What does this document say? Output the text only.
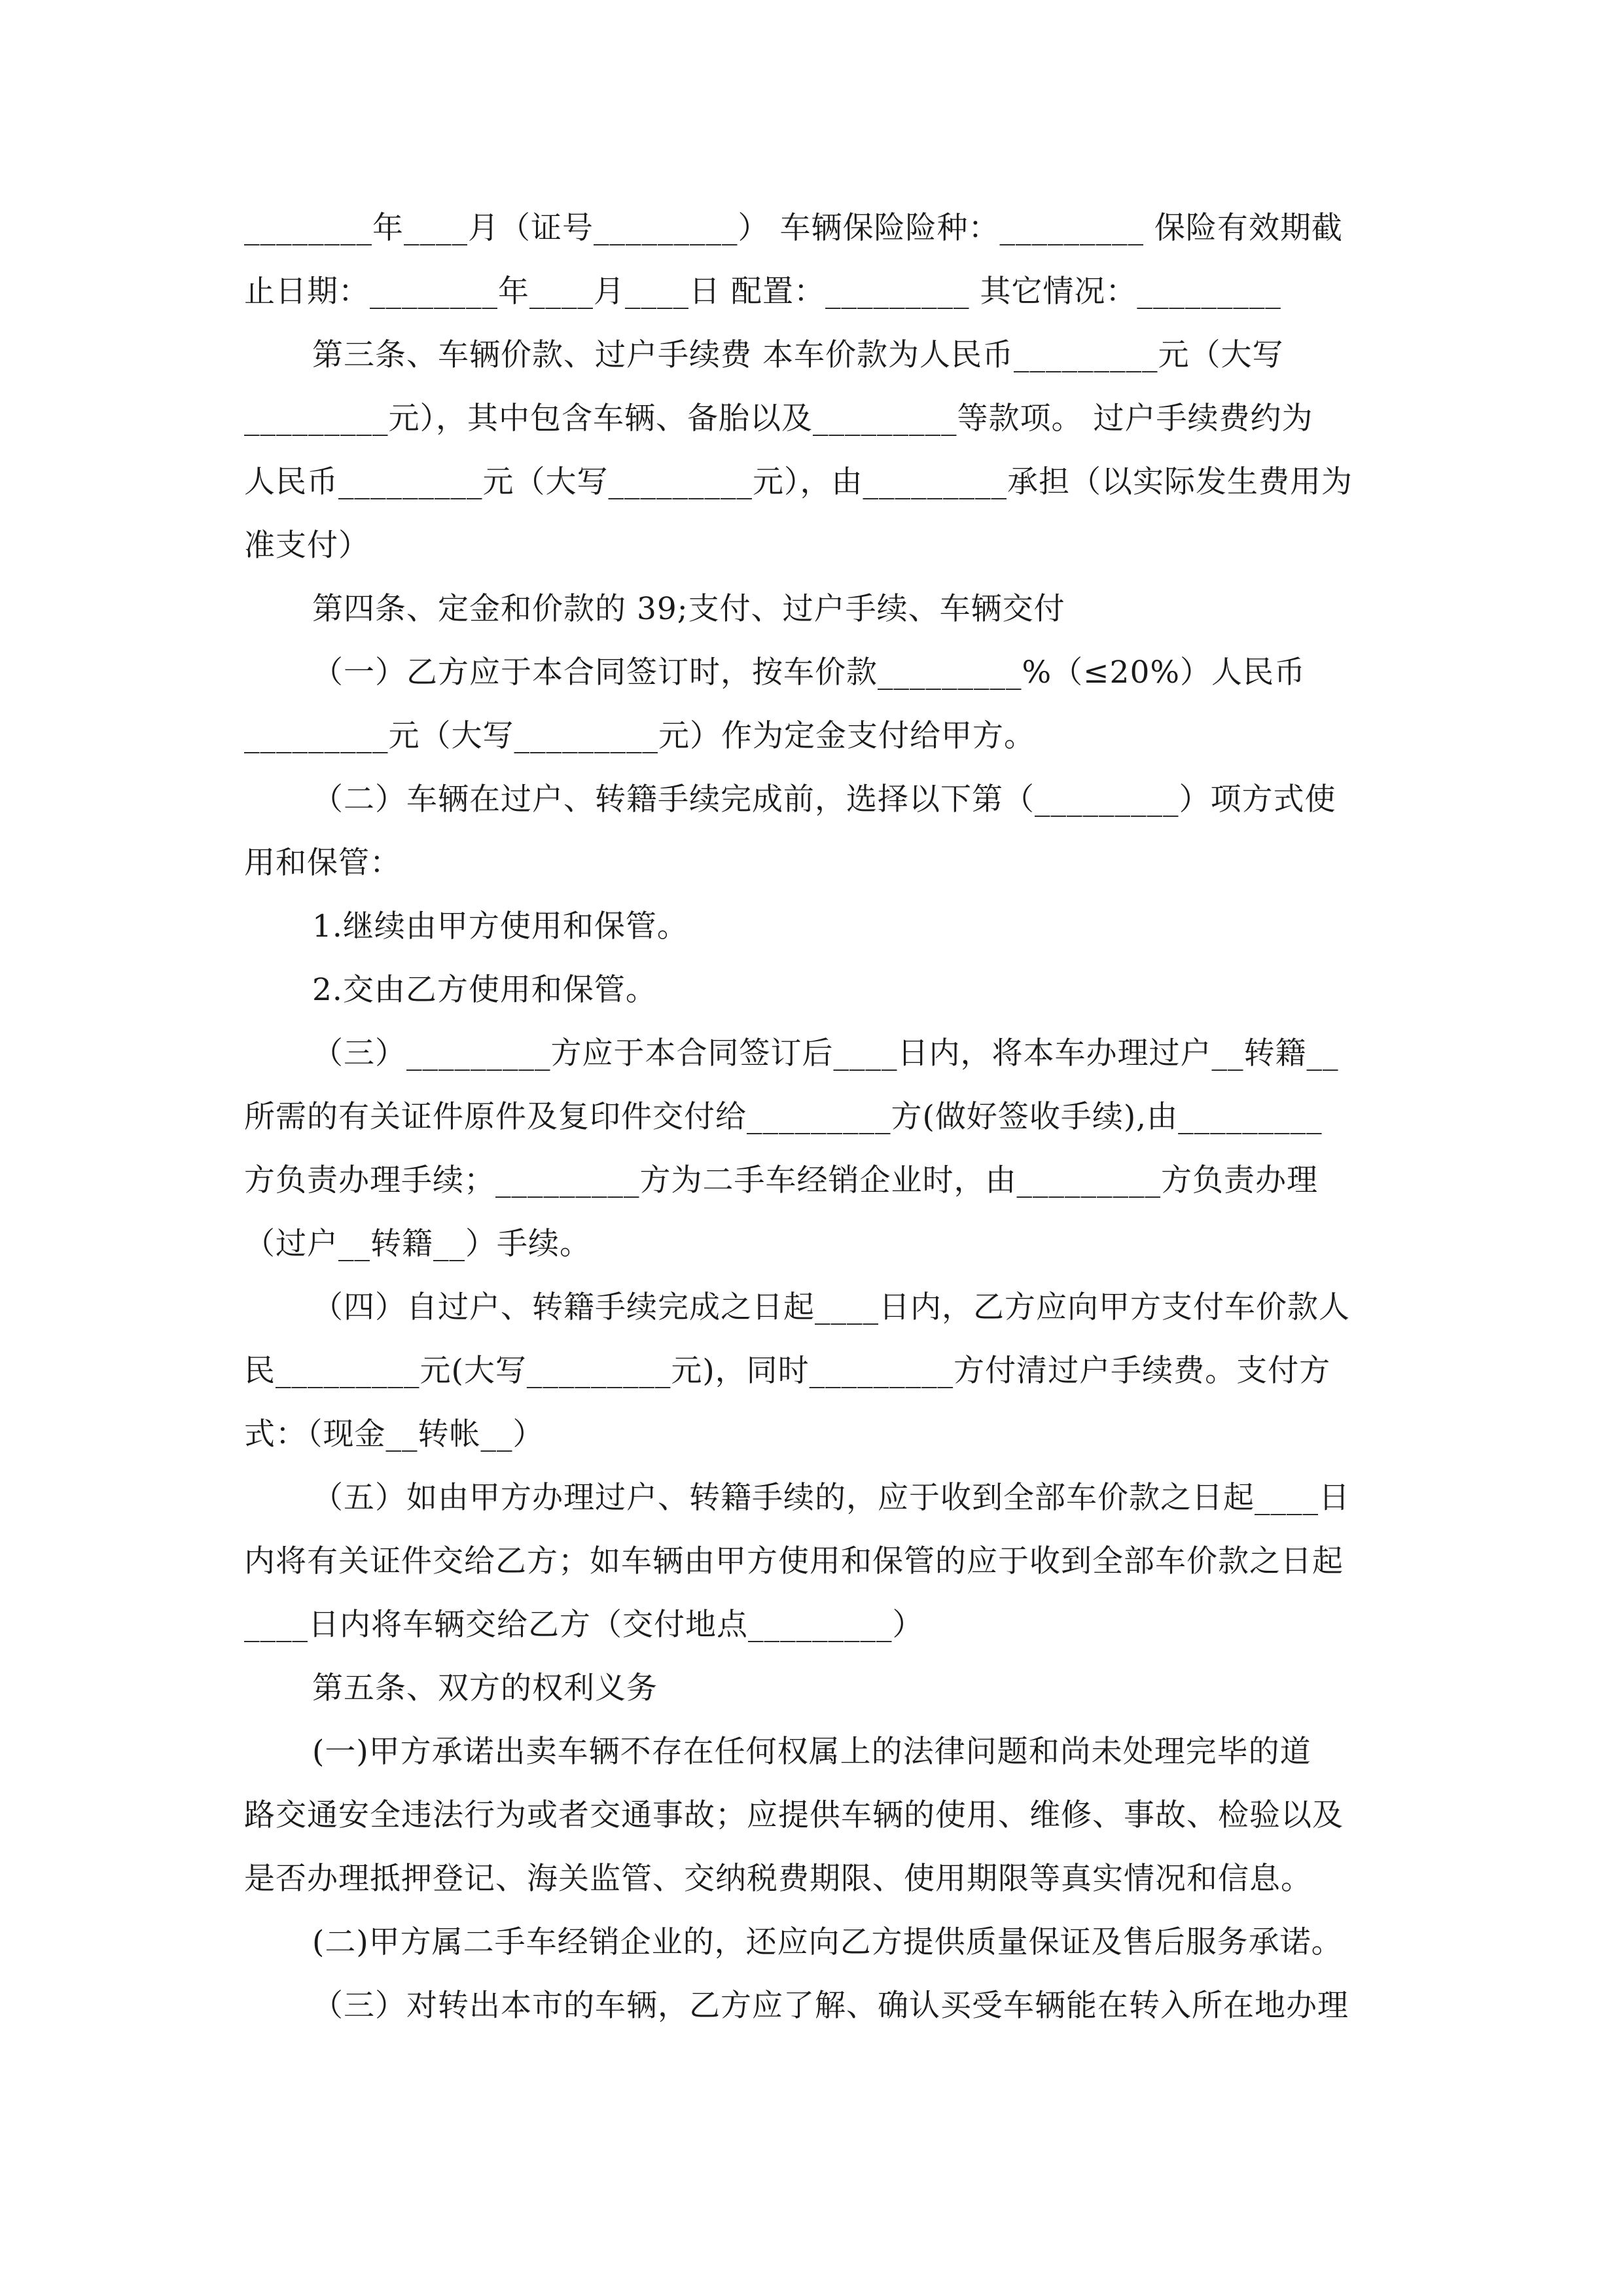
________年____月（证号_________） 车辆保险险种：_________ 保险有效期截
止日期：________年____月____日 配置：_________ 其它情况：_________
第三条、车辆价款、过户手续费 本车价款为人民币_________元（大写
_________元），其中包含车辆、备胎以及_________等款项。 过户手续费约为
人民币_________元（大写_________元），由_________承担（以实际发生费用为
准支付）
第四条、定金和价款的 39;支付、过户手续、车辆交付
（一）乙方应于本合同签订时，按车价款_________%（≤20%）人民币
_________元（大写_________元）作为定金支付给甲方。
（二）车辆在过户、转籍手续完成前，选择以下第（_________）项方式使
用和保管：
1.继续由甲方使用和保管。
2.交由乙方使用和保管。
（三）_________方应于本合同签订后____日内，将本车办理过户__转籍__
所需的有关证件原件及复印件交付给_________方(做好签收手续),由_________
方负责办理手续；_________方为二手车经销企业时，由_________方负责办理
（过户__转籍__）手续。
（四）自过户、转籍手续完成之日起____日内，乙方应向甲方支付车价款人
民_________元(大写_________元)，同时_________方付清过户手续费。支付方
式：（现金__转帐__）
（五）如由甲方办理过户、转籍手续的，应于收到全部车价款之日起____日
内将有关证件交给乙方；如车辆由甲方使用和保管的应于收到全部车价款之日起
____日内将车辆交给乙方（交付地点_________）
第五条、双方的权利义务
(一)甲方承诺出卖车辆不存在任何权属上的法律问题和尚未处理完毕的道
路交通安全违法行为或者交通事故；应提供车辆的使用、维修、事故、检验以及
是否办理抵押登记、海关监管、交纳税费期限、使用期限等真实情况和信息。
(二)甲方属二手车经销企业的，还应向乙方提供质量保证及售后服务承诺。
（三）对转出本市的车辆，乙方应了解、确认买受车辆能在转入所在地办理
